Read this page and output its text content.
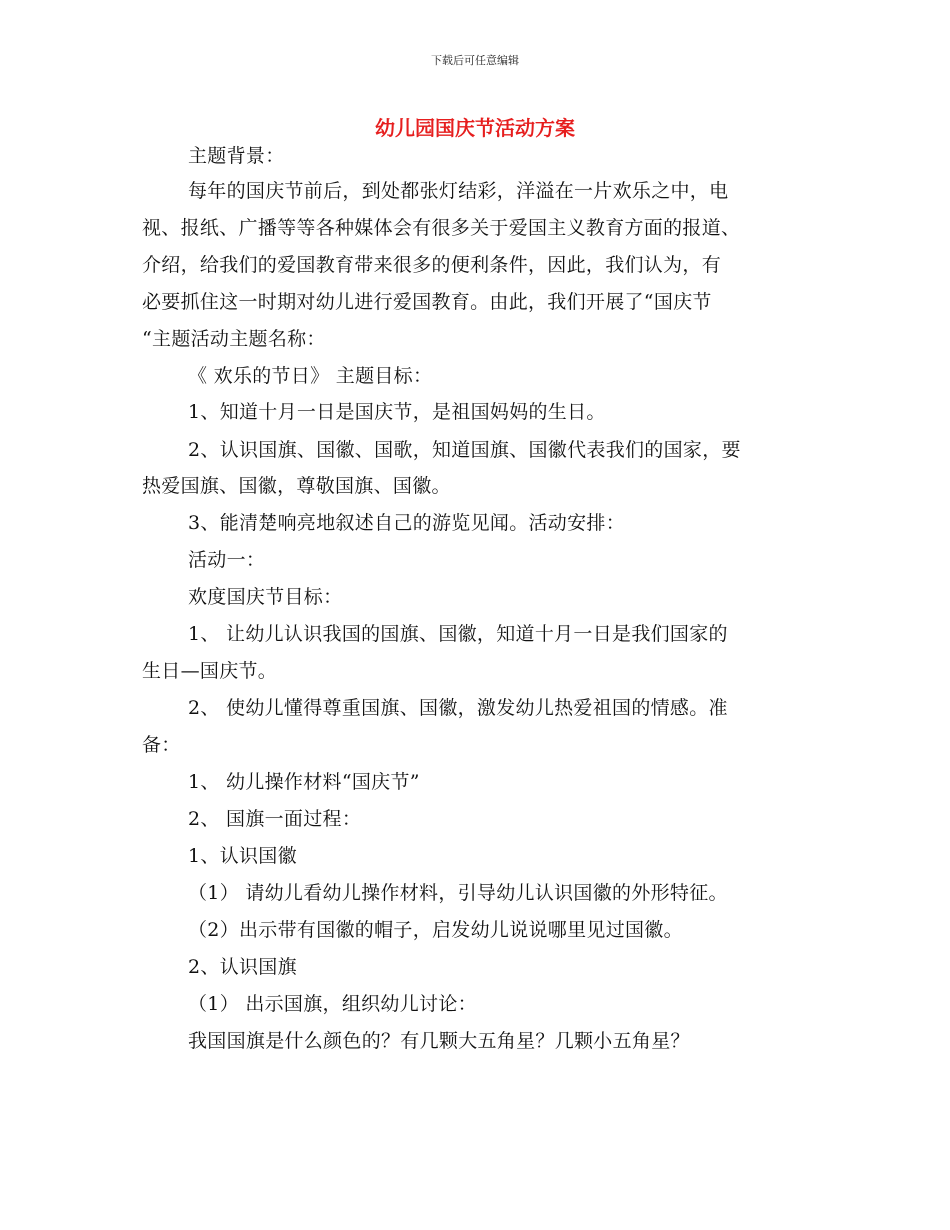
下载后可任意编辑
幼儿园国庆节活动方案
主题背景：
每年的国庆节前后，到处都张灯结彩，洋溢在一片欢乐之中，电
视、报纸、广播等等各种媒体会有很多关于爱国主义教育方面的报道、
介绍，给我们的爱国教育带来很多的便利条件，因此，我们认为，有
必要抓住这一时期对幼儿进行爱国教育。由此，我们开展了“国庆节
“主题活动主题名称：
《 欢乐的节日》 主题目标：
1、知道十月一日是国庆节，是祖国妈妈的生日。
2、认识国旗、国徽、国歌，知道国旗、国徽代表我们的国家，要
热爱国旗、国徽，尊敬国旗、国徽。
3、能清楚响亮地叙述自己的游览见闻。活动安排：
活动一：
欢度国庆节目标：
1、 让幼儿认识我国的国旗、国徽，知道十月一日是我们国家的
生日—国庆节。
2、 使幼儿懂得尊重国旗、国徽，激发幼儿热爱祖国的情感。准
备：
1、 幼儿操作材料“国庆节”
2、 国旗一面过程：
1、认识国徽
（1） 请幼儿看幼儿操作材料，引导幼儿认识国徽的外形特征。
（2）出示带有国徽的帽子，启发幼儿说说哪里见过国徽。
2、认识国旗
（1） 出示国旗，组织幼儿讨论：
我国国旗是什么颜色的？有几颗大五角星？几颗小五角星？
